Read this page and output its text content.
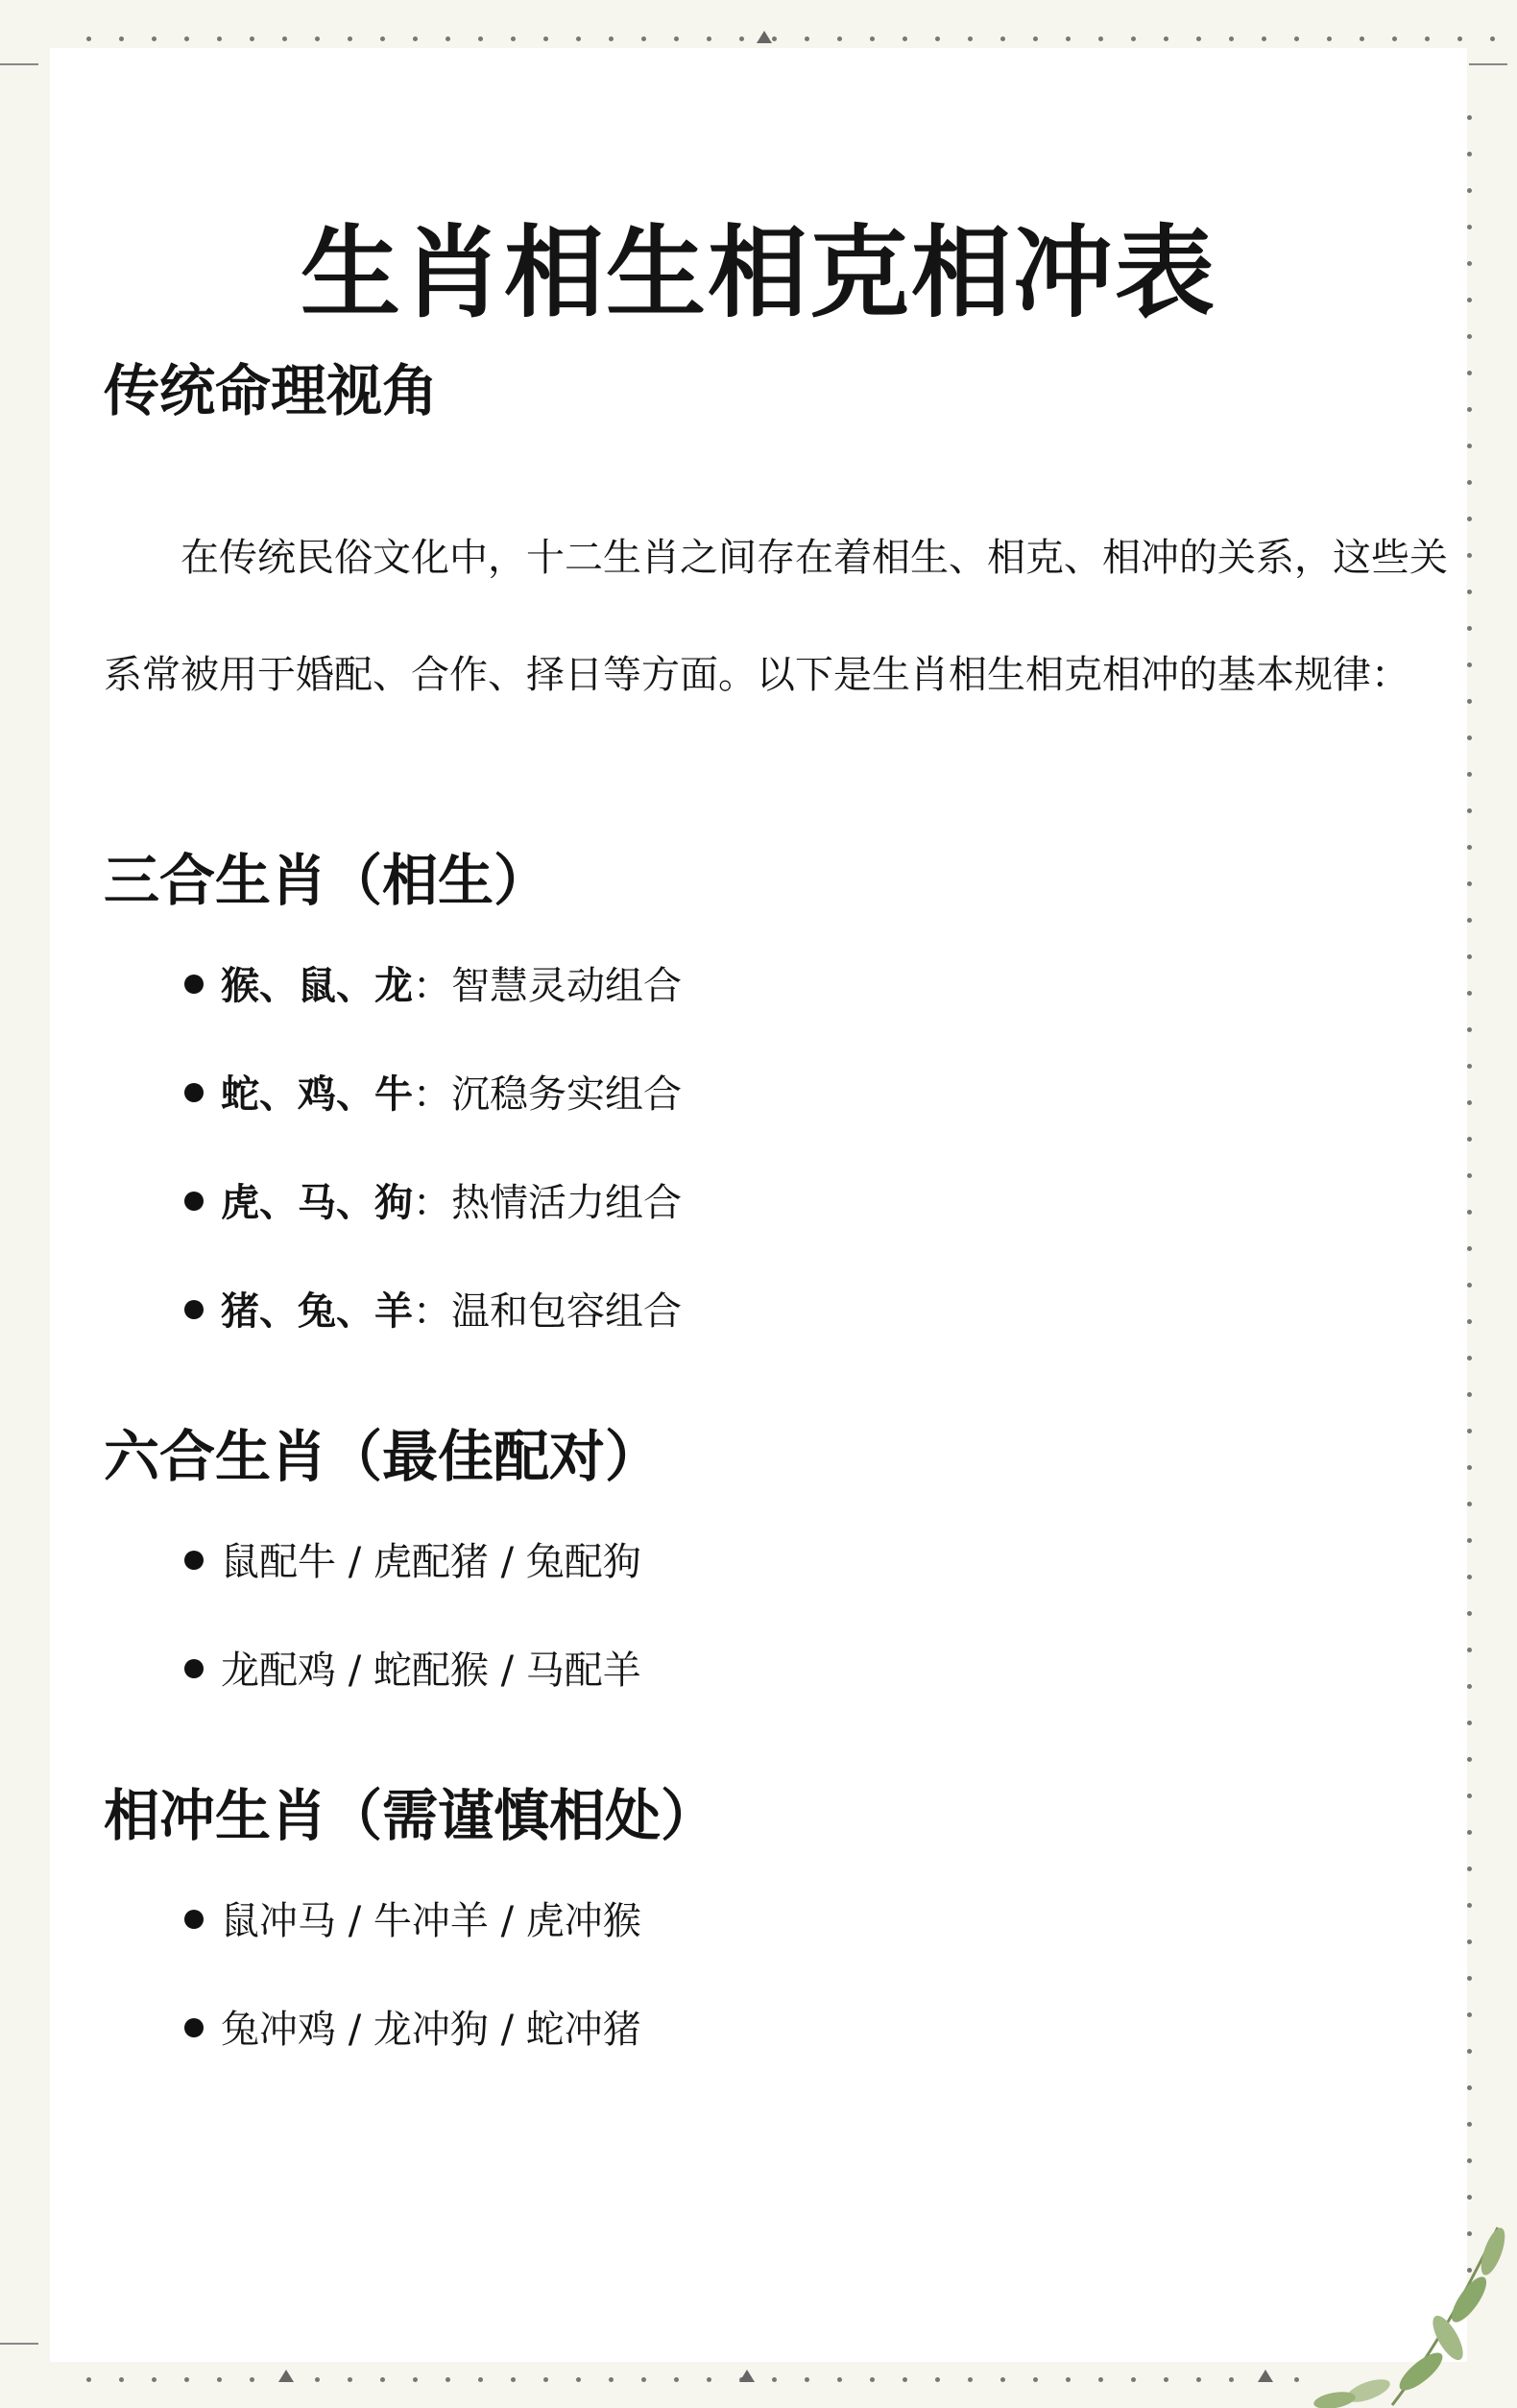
生肖相生相克相冲表
传统命理视角
在传统民俗文化中，十二生肖之间存在着相生、相克、相冲的关系，这些关系常被用于婚配、合作、择日等方面。以下是生肖相生相克相冲的基本规律：
三合生肖（相生）
猴、鼠、龙：智慧灵动组合
蛇、鸡、牛：沉稳务实组合
虎、马、狗：热情活力组合
猪、兔、羊：温和包容组合
六合生肖（最佳配对）
鼠配牛 / 虎配猪 / 兔配狗
龙配鸡 / 蛇配猴 / 马配羊
相冲生肖（需谨慎相处）
鼠冲马 / 牛冲羊 / 虎冲猴
兔冲鸡 / 龙冲狗 / 蛇冲猪
